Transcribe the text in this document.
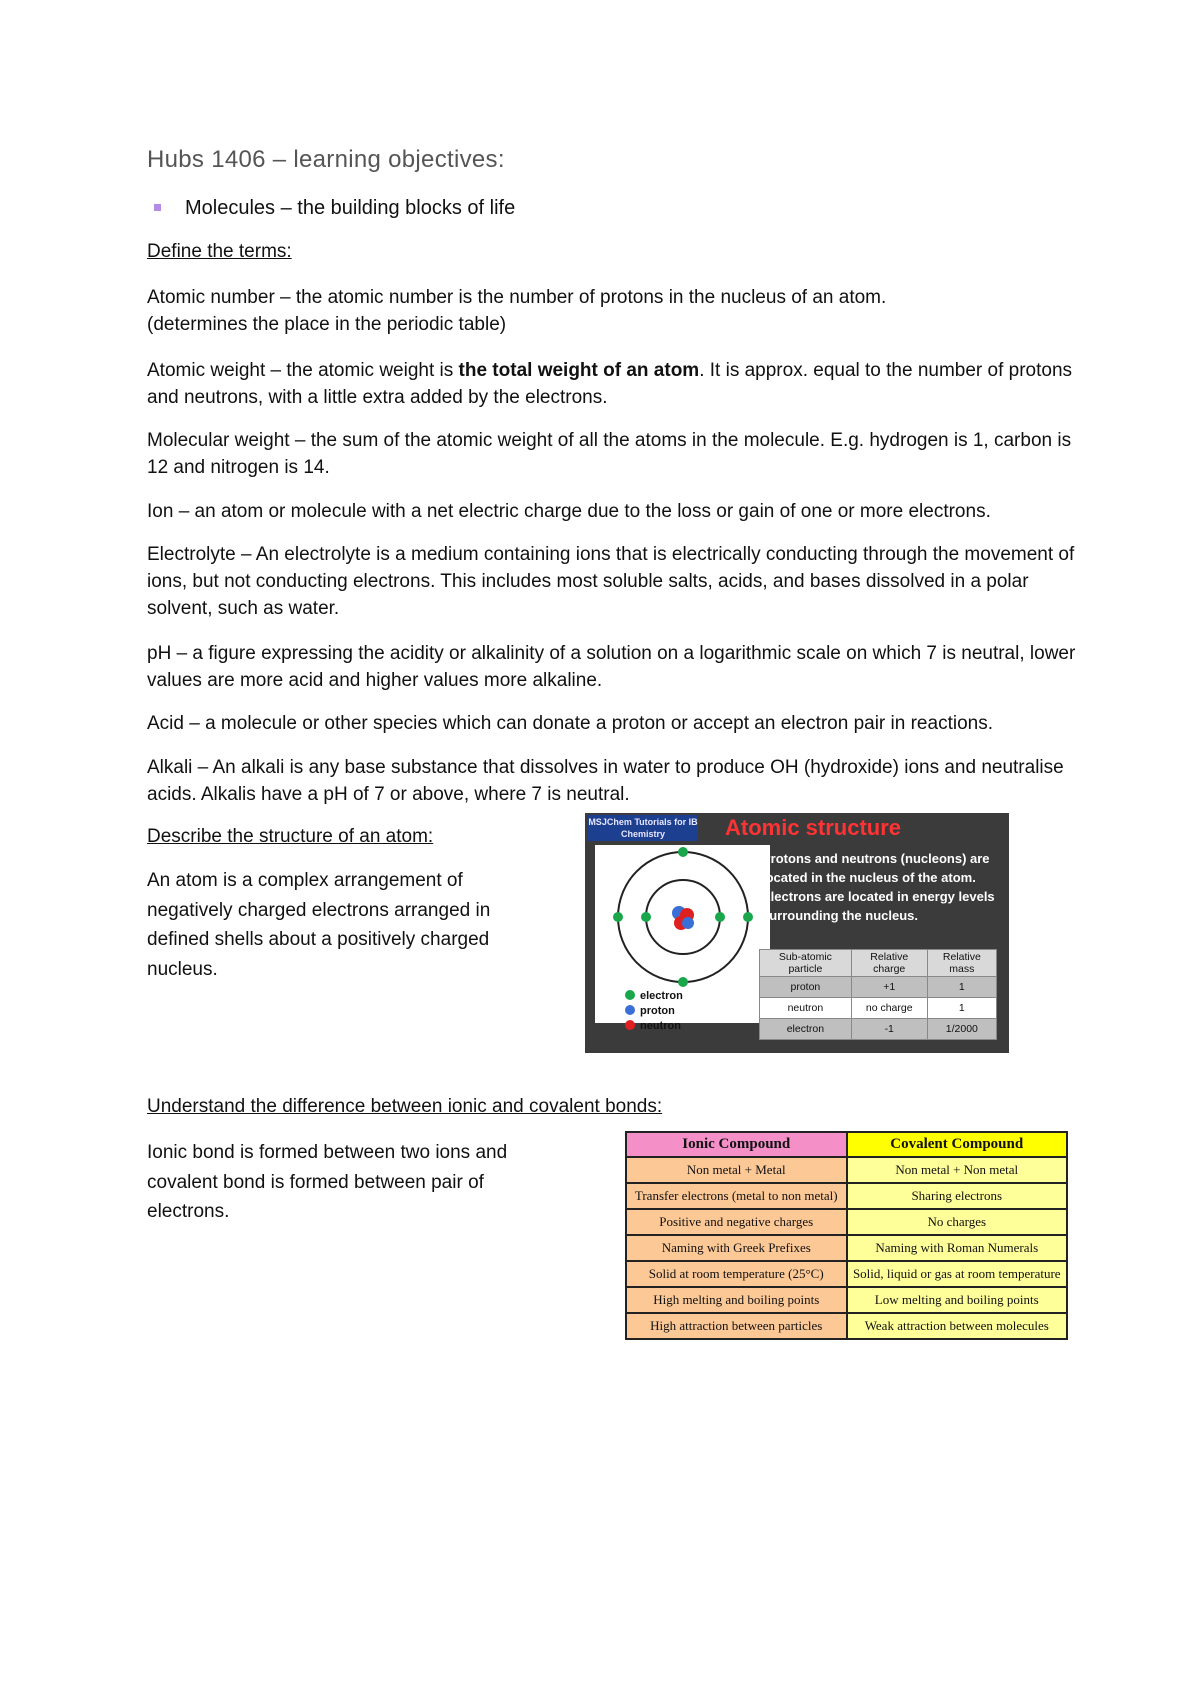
Hubs 1406 – learning objectives:
Molecules – the building blocks of life
Define the terms:
Atomic number – the atomic number is the number of protons in the nucleus of an atom.
(determines the place in the periodic table)
Atomic weight – the atomic weight is the total weight of an atom. It is approx. equal to the number of protons and neutrons, with a little extra added by the electrons.
Molecular weight – the sum of the atomic weight of all the atoms in the molecule. E.g. hydrogen is 1, carbon is 12 and nitrogen is 14.
Ion – an atom or molecule with a net electric charge due to the loss or gain of one or more electrons.
Electrolyte – An electrolyte is a medium containing ions that is electrically conducting through the movement of ions, but not conducting electrons. This includes most soluble salts, acids, and bases dissolved in a polar solvent, such as water.
pH – a figure expressing the acidity or alkalinity of a solution on a logarithmic scale on which 7 is neutral, lower values are more acid and higher values more alkaline.
Acid – a molecule or other species which can donate a proton or accept an electron pair in reactions.
Alkali – An alkali is any base substance that dissolves in water to produce OH (hydroxide) ions and neutralise acids. Alkalis have a pH of 7 or above, where 7 is neutral.
Describe the structure of an atom:
An atom is a complex arrangement of negatively charged electrons arranged in defined shells about a positively charged nucleus.
MSJChem Tutorials for IB Chemistry	Atomic structure
electron
proton
neutron
Protons and neutrons (nucleons) are located in the nucleus of the atom. Electrons are located in energy levels surrounding the nucleus.
Sub-atomic particle	Relative charge	Relative mass
proton	+1	1
neutron	no charge	1
electron	-1	1/2000
Understand the difference between ionic and covalent bonds:
Ionic bond is formed between two ions and covalent bond is formed between pair of electrons.
Ionic Compound	Covalent Compound
Non metal + Metal	Non metal + Non metal
Transfer electrons (metal to non metal)	Sharing electrons
Positive and negative charges	No charges
Naming with Greek Prefixes	Naming with Roman Numerals
Solid at room temperature (25°C)	Solid, liquid or gas at room temperature
High melting and boiling points	Low melting and boiling points
High attraction between particles	Weak attraction between molecules
